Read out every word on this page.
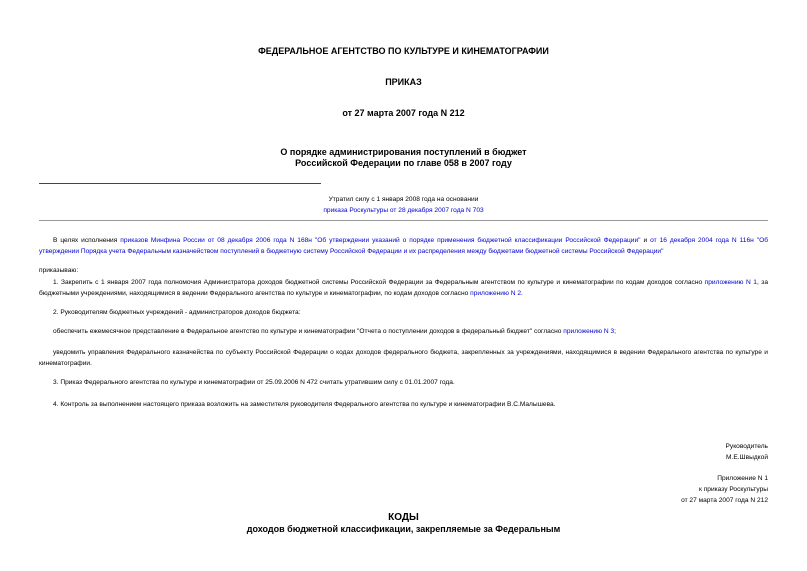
ФЕДЕРАЛЬНОЕ АГЕНТСТВО ПО КУЛЬТУРЕ И КИНЕМАТОГРАФИИ
ПРИКАЗ
от 27 марта 2007 года N 212
О порядке администрирования поступлений в бюджет
Российской Федерации по главе 058 в 2007 году
Утратил силу с 1 января 2008 года на основании
приказа Роскультуры от 28 декабря 2007 года N 703
В целях исполнения приказов Минфина России от 08 декабря 2006 года N 168н "Об утверждении указаний о порядке применения бюджетной классификации Российской Федерации" и от 16 декабря 2004 года N 116н "Об утверждении Порядка учета Федеральным казначейством поступлений в бюджетную систему Российской Федерации и их распределения между бюджетами бюджетной системы Российской Федерации"
приказываю:
1. Закрепить с 1 января 2007 года полномочия Администратора доходов бюджетной системы Российской Федерации за Федеральным агентством по культуре и кинематографии по кодам доходов согласно приложению N 1, за бюджетными учреждениями, находящимися в ведении Федерального агентства по культуре и кинематографии, по кодам доходов согласно приложению N 2.
2. Руководителям бюджетных учреждений - администраторов доходов бюджета:
обеспечить ежемесячное представление в Федеральное агентство по культуре и кинематографии "Отчета о поступлении доходов в федеральный бюджет" согласно приложению N 3;
уведомить управления Федерального казначейства по субъекту Российской Федерации о кодах доходов федерального бюджета, закрепленных за учреждениями, находящимися в ведении Федерального агентства по культуре и кинематографии.
3. Приказ Федерального агентства по культуре и кинематографии от 25.09.2006 N 472 считать утратившим силу с 01.01.2007 года.
4. Контроль за выполнением настоящего приказа возложить на заместителя руководителя Федерального агентства по культуре и кинематографии В.С.Малышева.
Руководитель
М.Е.Швыдкой
Приложение N 1
к приказу Роскультуры
от 27 марта 2007 года N 212
КОДЫ
доходов бюджетной классификации, закрепляемые за Федеральным
